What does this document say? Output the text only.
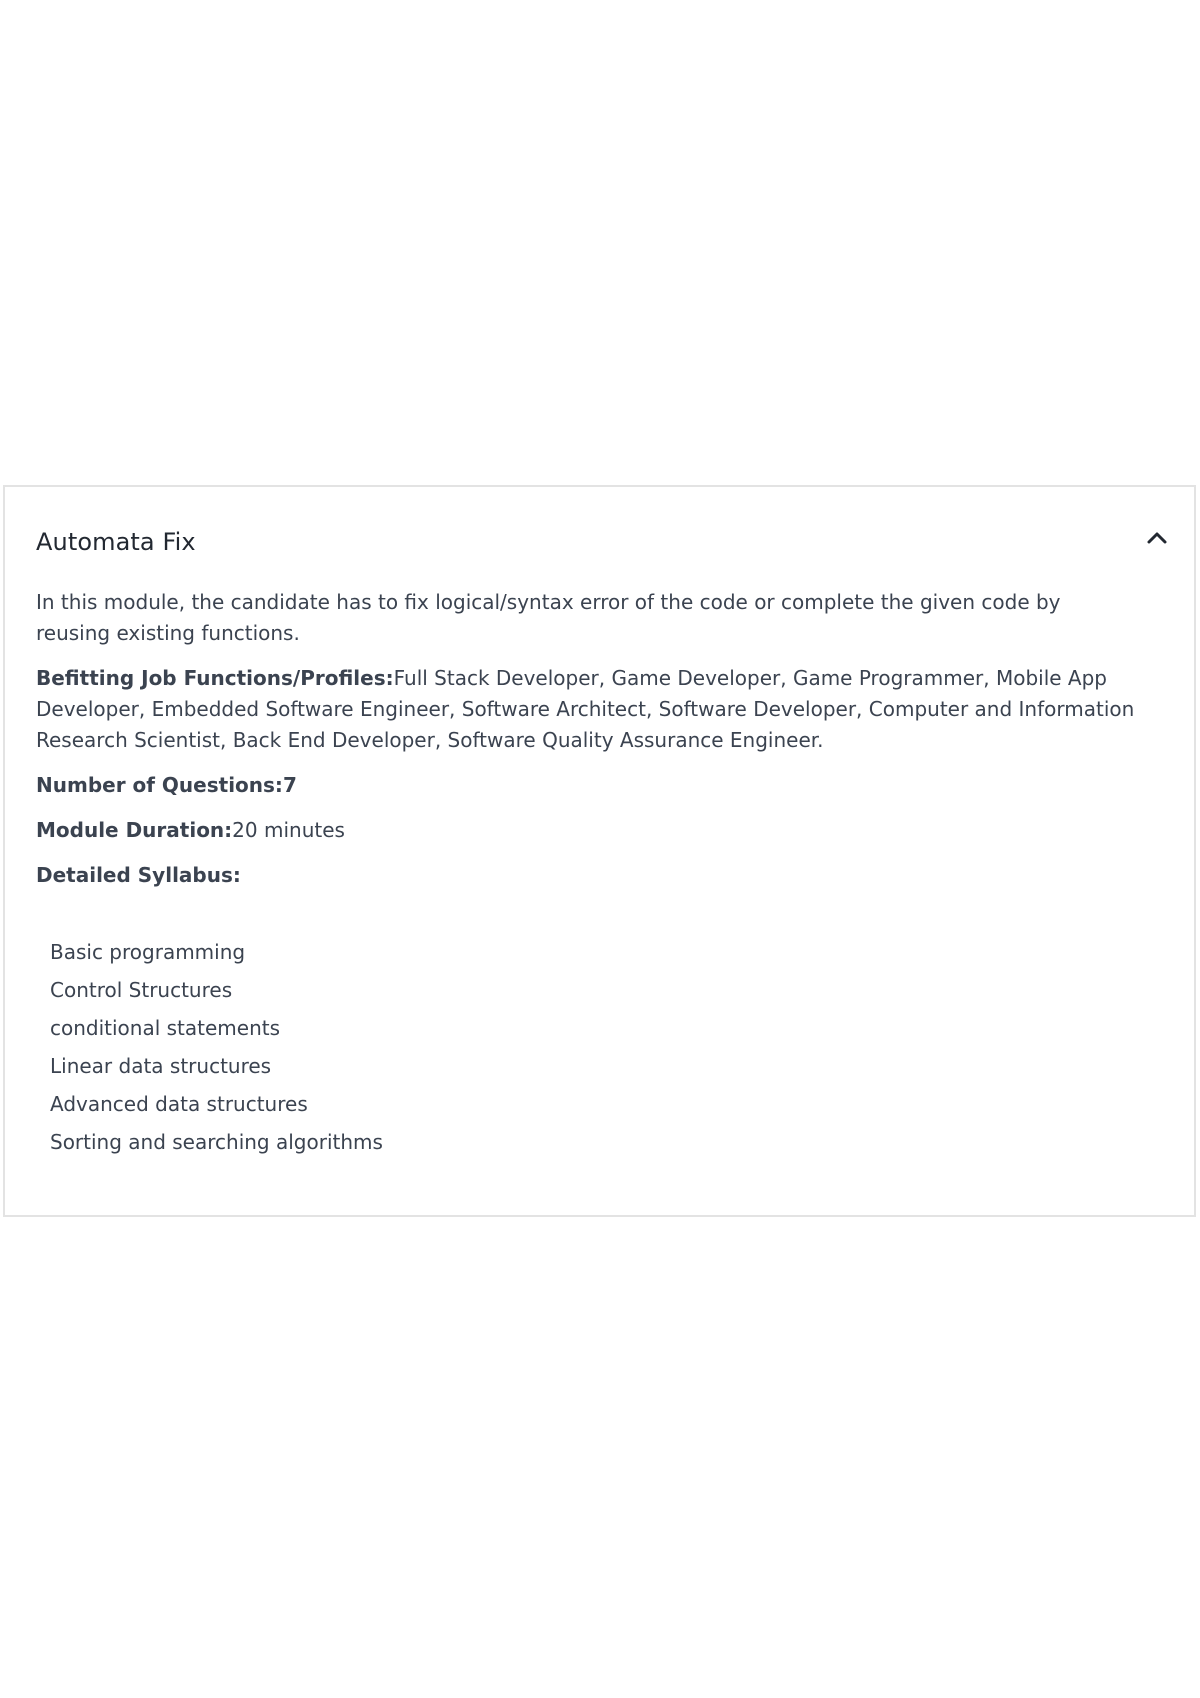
Automata Fix

In this module, the candidate has to fix logical/syntax error of the code or complete the given code by reusing existing functions.

Befitting Job Functions/Profiles:Full Stack Developer, Game Developer, Game Programmer, Mobile App Developer, Embedded Software Engineer, Software Architect, Software Developer, Computer and Information Research Scientist, Back End Developer, Software Quality Assurance Engineer.

Number of Questions:7

Module Duration:20 minutes

Detailed Syllabus:

Basic programming
Control Structures
conditional statements
Linear data structures
Advanced data structures
Sorting and searching algorithms
